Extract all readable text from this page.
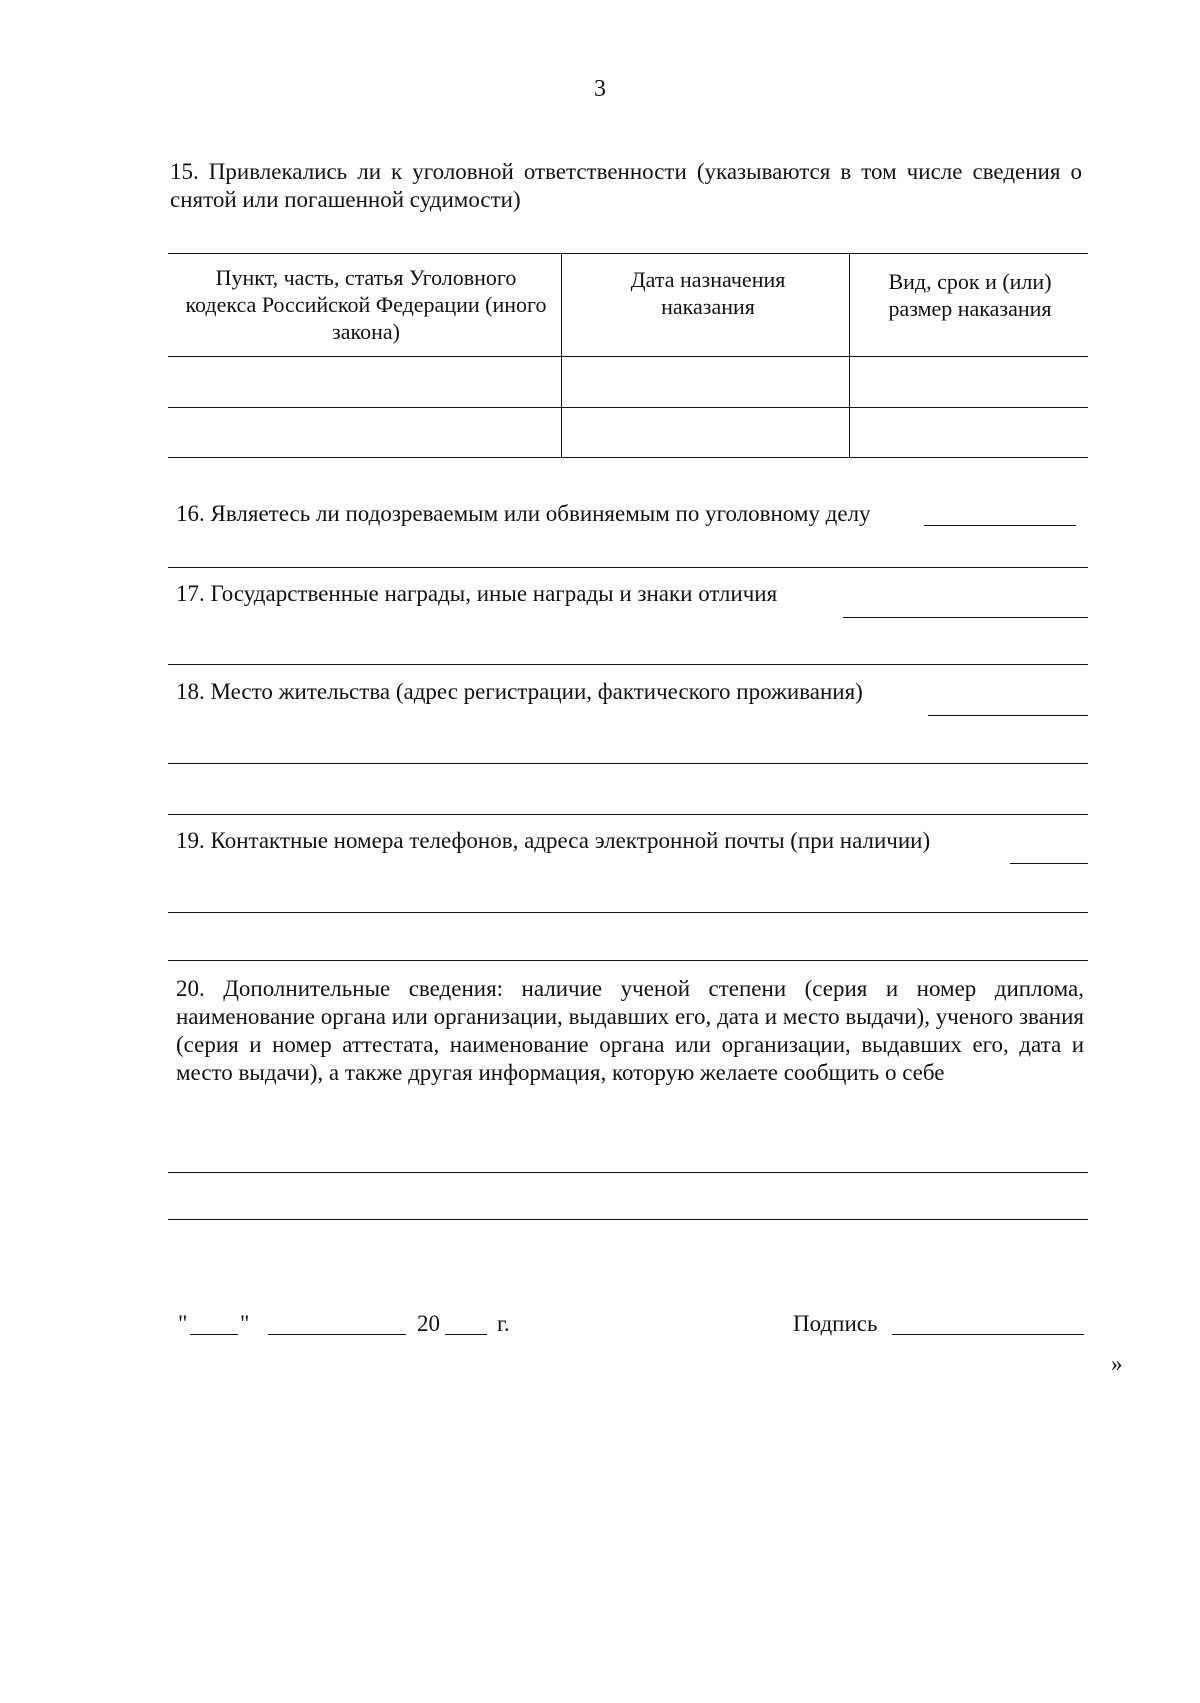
3
15. Привлекались ли к уголовной ответственности (указываются в том числе сведения о снятой или погашенной судимости)
Пункт, часть, статья Уголовного кодекса Российской Федерации (иного закона)
Дата назначения наказания
Вид, срок и (или) размер наказания
16. Являетесь ли подозреваемым или обвиняемым по уголовному делу
17. Государственные награды, иные награды и знаки отличия
18. Место жительства (адрес регистрации, фактического проживания)
19. Контактные номера телефонов, адреса электронной почты (при наличии)
20. Дополнительные сведения: наличие ученой степени (серия и номер диплома, наименование органа или организации, выдавших его, дата и место выдачи), ученого звания (серия и номер аттестата, наименование органа или организации, выдавших его, дата и место выдачи), а также другая информация, которую желаете сообщить о себе
" "	20 г.	Подпись
»
